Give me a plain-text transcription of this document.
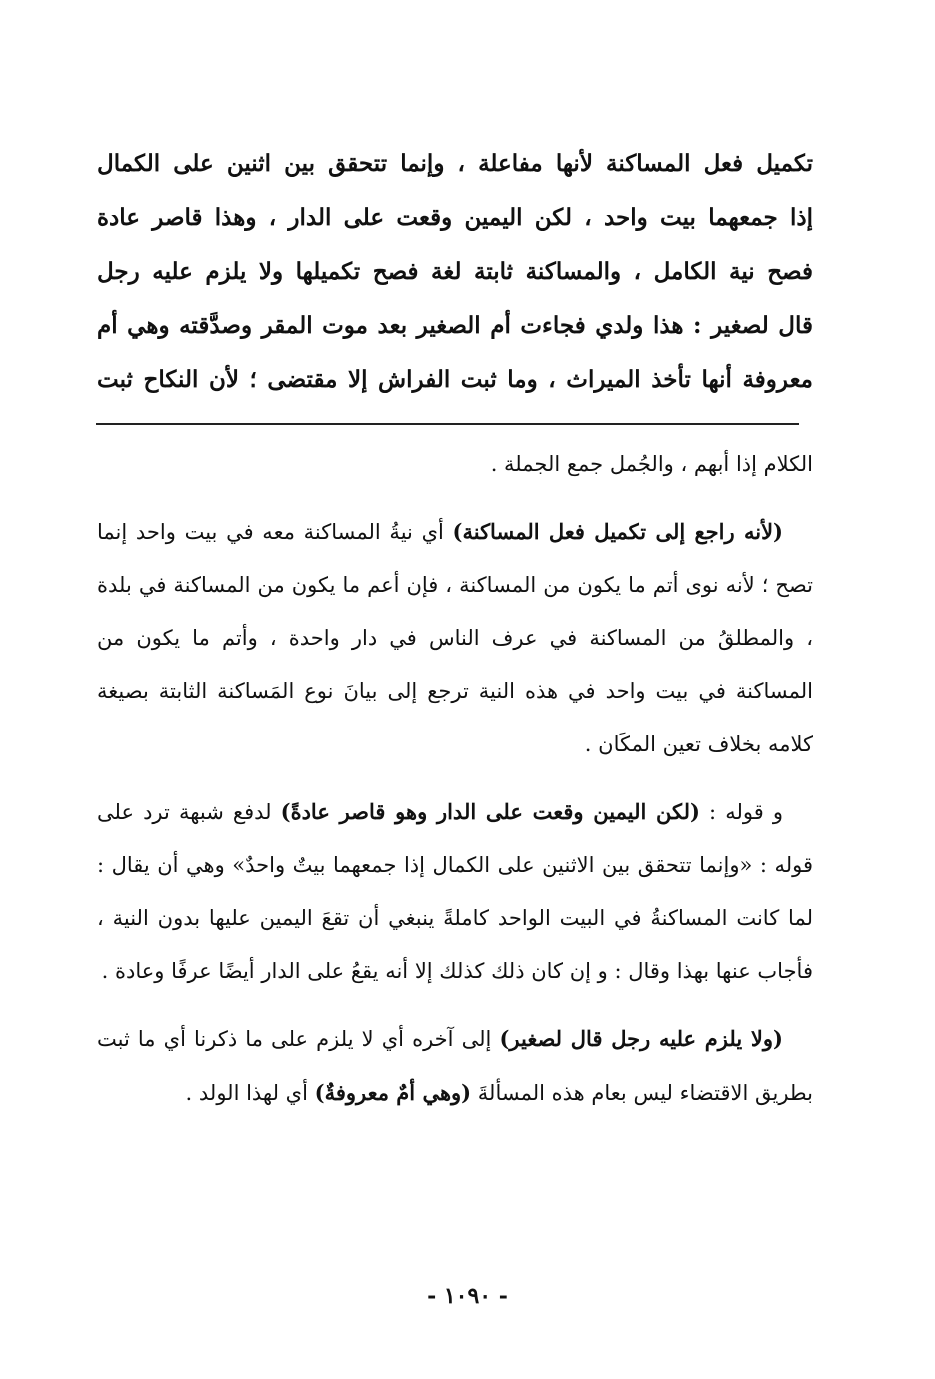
تكميل فعل المساكنة لأنها مفاعلة ، وإنما تتحقق بين اثنين على الكمال
إذا جمعهما بيت واحد ، لكن اليمين وقعت على الدار ، وهذا قاصر عادة
فصح نية الكامل ، والمساكنة ثابتة لغة فصح تكميلها ولا يلزم عليه رجل
قال لصغير : هذا ولدي فجاءت أم الصغير بعد موت المقر وصدَّقته وهي أم
معروفة أنها تأخذ الميراث ، وما ثبت الفراش إلا مقتضى ؛ لأن النكاح ثبت

الكلام إذا أبهم ، والجُمل جمع الجملة .

(لأنه راجع إلى تكميل فعل المساكنة) أي نيةُ المساكنة معه في بيت واحد إنما تصح ؛ لأنه نوى أتم ما يكون من المساكنة ، فإن أعم ما يكون من المساكنة في بلدة ، والمطلقُ من المساكنة في عرف الناس في دار واحدة ، وأتم ما يكون من المساكنة في بيت واحد في هذه النية ترجع إلى بيانَ نوع المَساكنة الثابتة بصيغة كلامه بخلاف تعين المكَان .

و قوله : (لكن اليمين وقعت على الدار وهو قاصر عادةً) لدفع شبهة ترد على قوله : «وإنما تتحقق بين الاثنين على الكمال إذا جمعهما بيتٌ واحدٌ» وهي أن يقال : لما كانت المساكنةُ في البيت الواحد كاملةً ينبغي أن تقعَ اليمين عليها بدون النية ، فأجاب عنها بهذا وقال : و إن كان ذلك كذلك إلا أنه يقعُ على الدار أيضًا عرفًا وعادة .

(ولا يلزم عليه رجل قال لصغير) إلى آخره أي لا يلزم على ما ذكرنا أي ما ثبت بطريق الاقتضاء ليس بعام هذه المسألةَ (وهي أمٌ معروفةٌ) أي لهذا الولد .

- ١٠٩٠ -
